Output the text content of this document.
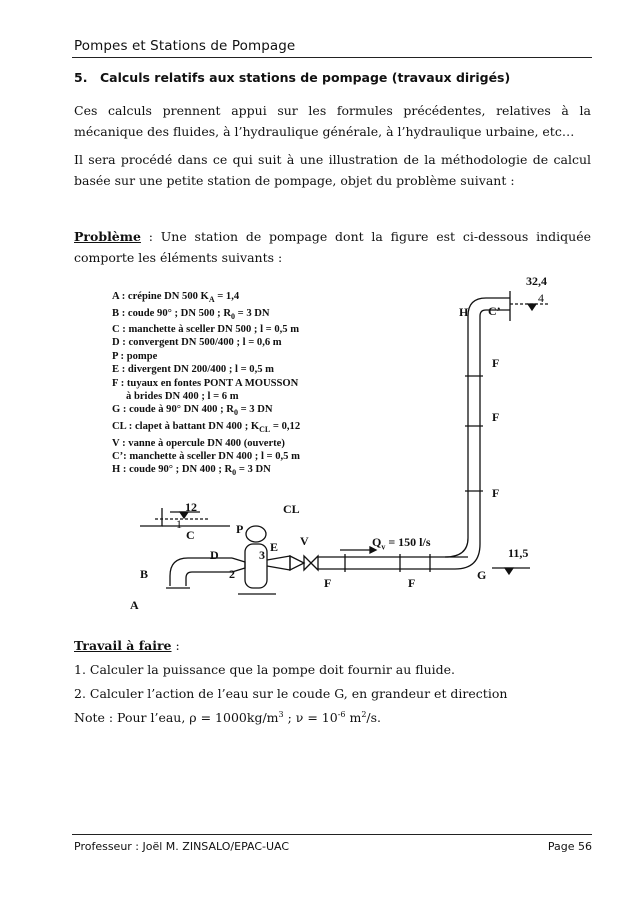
Pompes et Stations de Pompage
5. Calculs relatifs aux stations de pompage (travaux dirigés)
Ces calculs prennent appui sur les formules précédentes, relatives à la mécanique des fluides, à l’hydraulique générale, à l’hydraulique urbaine, etc…
Il sera procédé dans ce qui suit à une illustration de la méthodologie de calcul basée sur une petite station de pompage, objet du problème suivant :
Problème : Une station de pompage dont la figure est ci-dessous indiquée comporte les éléments suivants :
A : crépine DN 500 $K_A = 1,4$
B : coude 90° ; DN 500 ; $R_0 = 3$ DN
C : manchette à sceller DN 500 ; l = 0,5 m
D : convergent DN 500/400 ; l = 0,6 m
P : pompe
E : divergent DN 200/400 ; l = 0,5 m
F : tuyaux en fontes PONT A MOUSSON
à brides DN 400 ; l = 6 m
G : coude à 90° DN 400 ; $R_0 = 3$ DN
CL : clapet à battant DN 400 ; $K_{CL} = 0,12$
V : vanne à opercule DN 400 (ouverte)
C’: manchette à sceller DN 400 ; l = 0,5 m
H : coude 90° ; DN 400 ; $R_0 = 3$ DN
32,4
4
H C’
F
F
F
12
1
C
D
P
2
3
E
CL
V	$Q_v = 150$ l/s
F	F
G
11,5
B
A
Travail à faire :
1. Calculer la puissance que la pompe doit fournir au fluide.
2. Calculer l’action de l’eau sur le coude G, en grandeur et direction
Note : Pour l’eau, $\rho = 1000kg/m^3$ ; $\nu = 10^{-6}$ $m^2/s$.
Professeur : Joël M. ZINSALO/EPAC-UAC	Page 56
